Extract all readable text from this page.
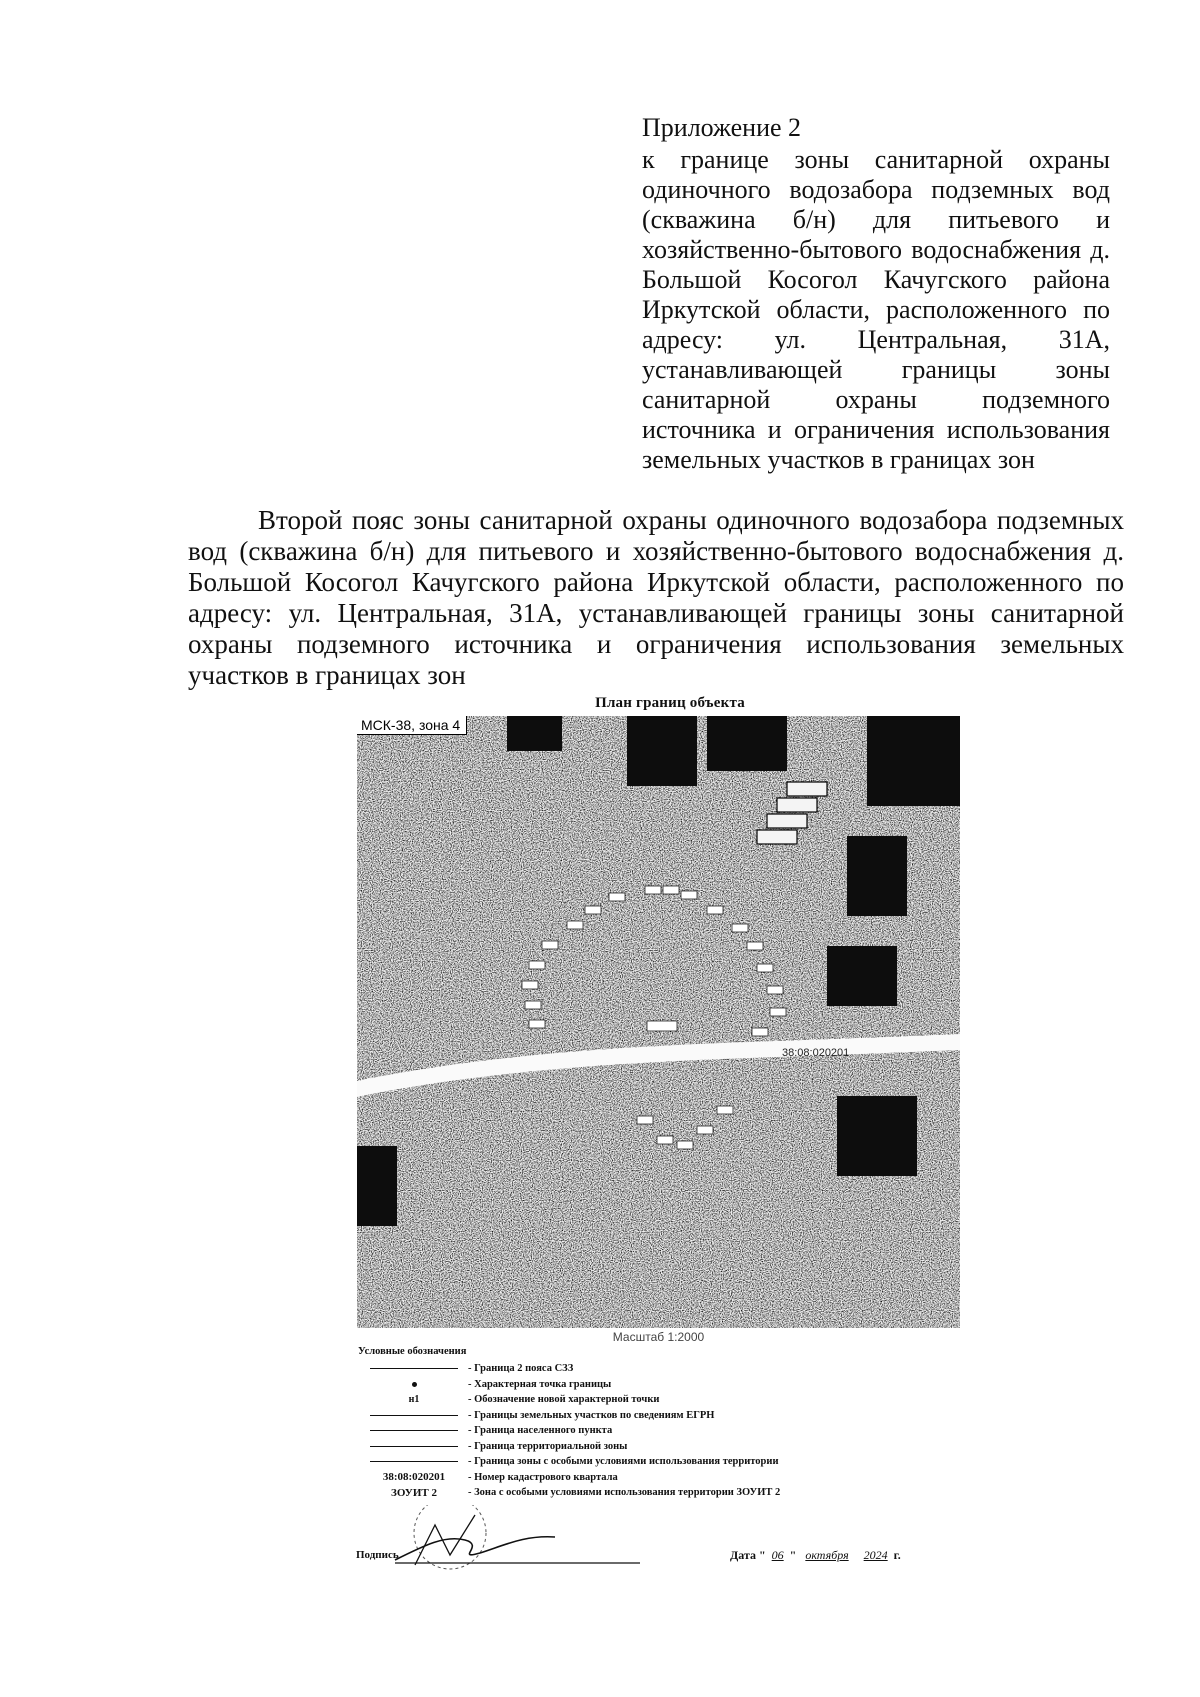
Приложение 2
к границе зоны санитарной охраны одиночного водозабора подземных вод (скважина б/н) для питьевого и хозяйственно-бытового водоснабжения д. Большой Косогол Качугского района Иркутской области, расположенного по адресу: ул. Центральная, 31А, устанавливающей границы зоны санитарной охраны подземного источника и ограничения использования земельных участков в границах зон
Второй пояс зоны санитарной охраны одиночного водозабора подземных вод (скважина б/н) для питьевого и хозяйственно-бытового водоснабжения д. Большой Косогол Качугского района Иркутской области, расположенного по адресу: ул. Центральная, 31А, устанавливающей границы зоны санитарной охраны подземного источника и ограничения использования земельных участков в границах зон
План границ объекта
38:08:020201
МСК-38, зона 4
Масштаб 1:2000
Условные обозначения
- Граница 2 пояса СЗЗ
- Характерная точка границы
н1	- Обозначение новой характерной точки
- Границы земельных участков по сведениям ЕГРН
- Граница населенного пункта
- Граница территориальной зоны
- Граница зоны с особыми условиями использования территории
38:08:020201 - Номер кадастрового квартала
ЗОУИТ 2	- Зона с особыми условиями использования территории ЗОУИТ 2
Подпись	Дата " 06 " октября 2024 г.
